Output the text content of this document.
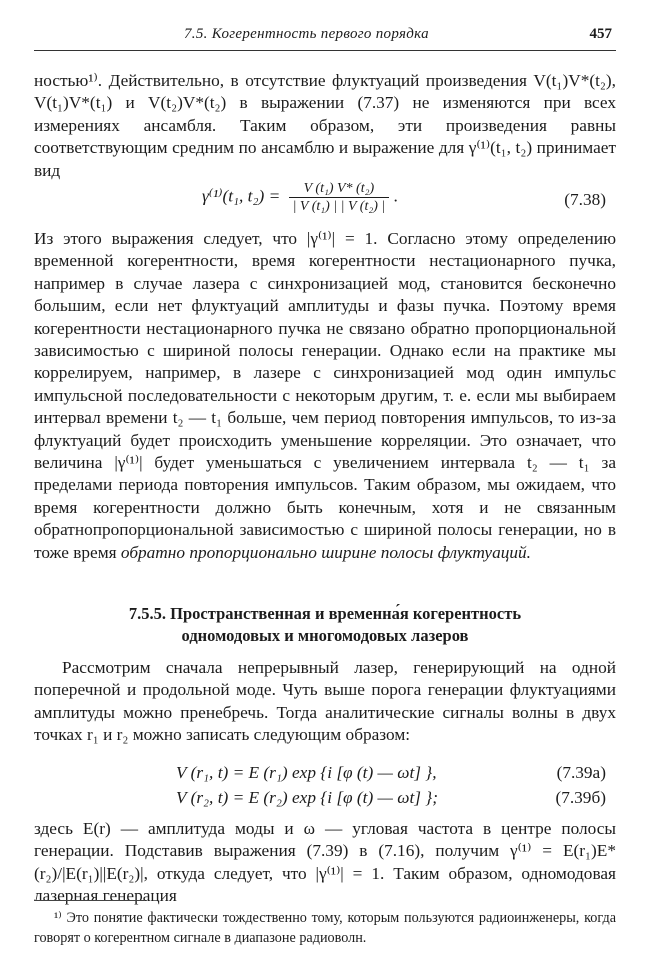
7.5. Когерентность первого порядка	457

ностью¹⁾. Действительно, в отсутствие флуктуаций произведения V(t₁)V*(t₂), V(t₁)V*(t₁) и V(t₂)V*(t₂) в выражении (7.37) не изменяются при всех измерениях ансамбля. Таким образом, эти произведения равны соответствующим средним по ансамблю и выражение для γ⁽¹⁾(t₁, t₂) принимает вид

γ⁽¹⁾(t₁, $t_2) = \frac{\text{V (t₁) V* (t₂)}}{\text{| V (t₁) | | V (t₂) |}}$ .	(7.38)

Из этого выражения следует, что |γ⁽¹⁾| = 1. Согласно этому определению временной когерентности, время когерентности нестационарного пучка, например в случае лазера с синхронизацией мод, становится бесконечно большим, если нет флуктуаций амплитуды и фазы пучка. Поэтому время когерентности нестационарного пучка не связано обратно пропорциональной зависимостью с шириной полосы генерации. Однако если на практике мы коррелируем, например, в лазере с синхронизацией мод один импульс импульсной последовательности с некоторым другим, т. е. если мы выбираем интервал времени t₂ — t₁ больше, чем период повторения импульсов, то из-за флуктуаций будет происходить уменьшение корреляции. Это означает, что величина |γ⁽¹⁾| будет уменьшаться с увеличением интервала t₂ — t₁ за пределами периода повторения импульсов. Таким образом, мы ожидаем, что время когерентности должно быть конечным, хотя и не связанным обратнопропорциональной зависимостью с шириной полосы генерации, но в тоже время обратно пропорционально ширине полосы флуктуаций.

7.5.5. Пространственная и временна́я когерентность
одномодовых и многомодовых лазеров

Рассмотрим сначала непрерывный лазер, генерирующий на одной поперечной и продольной моде. Чуть выше порога генерации флуктуациями амплитуды можно пренебречь. Тогда аналитические сигналы волны в двух точках r₁ и r₂ можно записать следующим образом:

V (r₁, t) = E (r₁) exp {i [φ (t) — ωt] },	(7.39a)
V (r₂, t) = E (r₂) exp {i [φ (t) — ωt] };	(7.39б)

здесь E(r) — амплитуда моды и ω — угловая частота в центре полосы генерации. Подставив выражения (7.39) в (7.16), получим γ⁽¹⁾ = E(r₁)E*(r₂)/|E(r₁)||E(r₂)|, откуда следует, что |γ⁽¹⁾| = 1. Таким образом, одномодовая лазерная генерация

¹⁾ Это понятие фактически тождественно тому, которым пользуются радиоинженеры, когда говорят о когерентном сигнале в диапазоне радиоволн.
